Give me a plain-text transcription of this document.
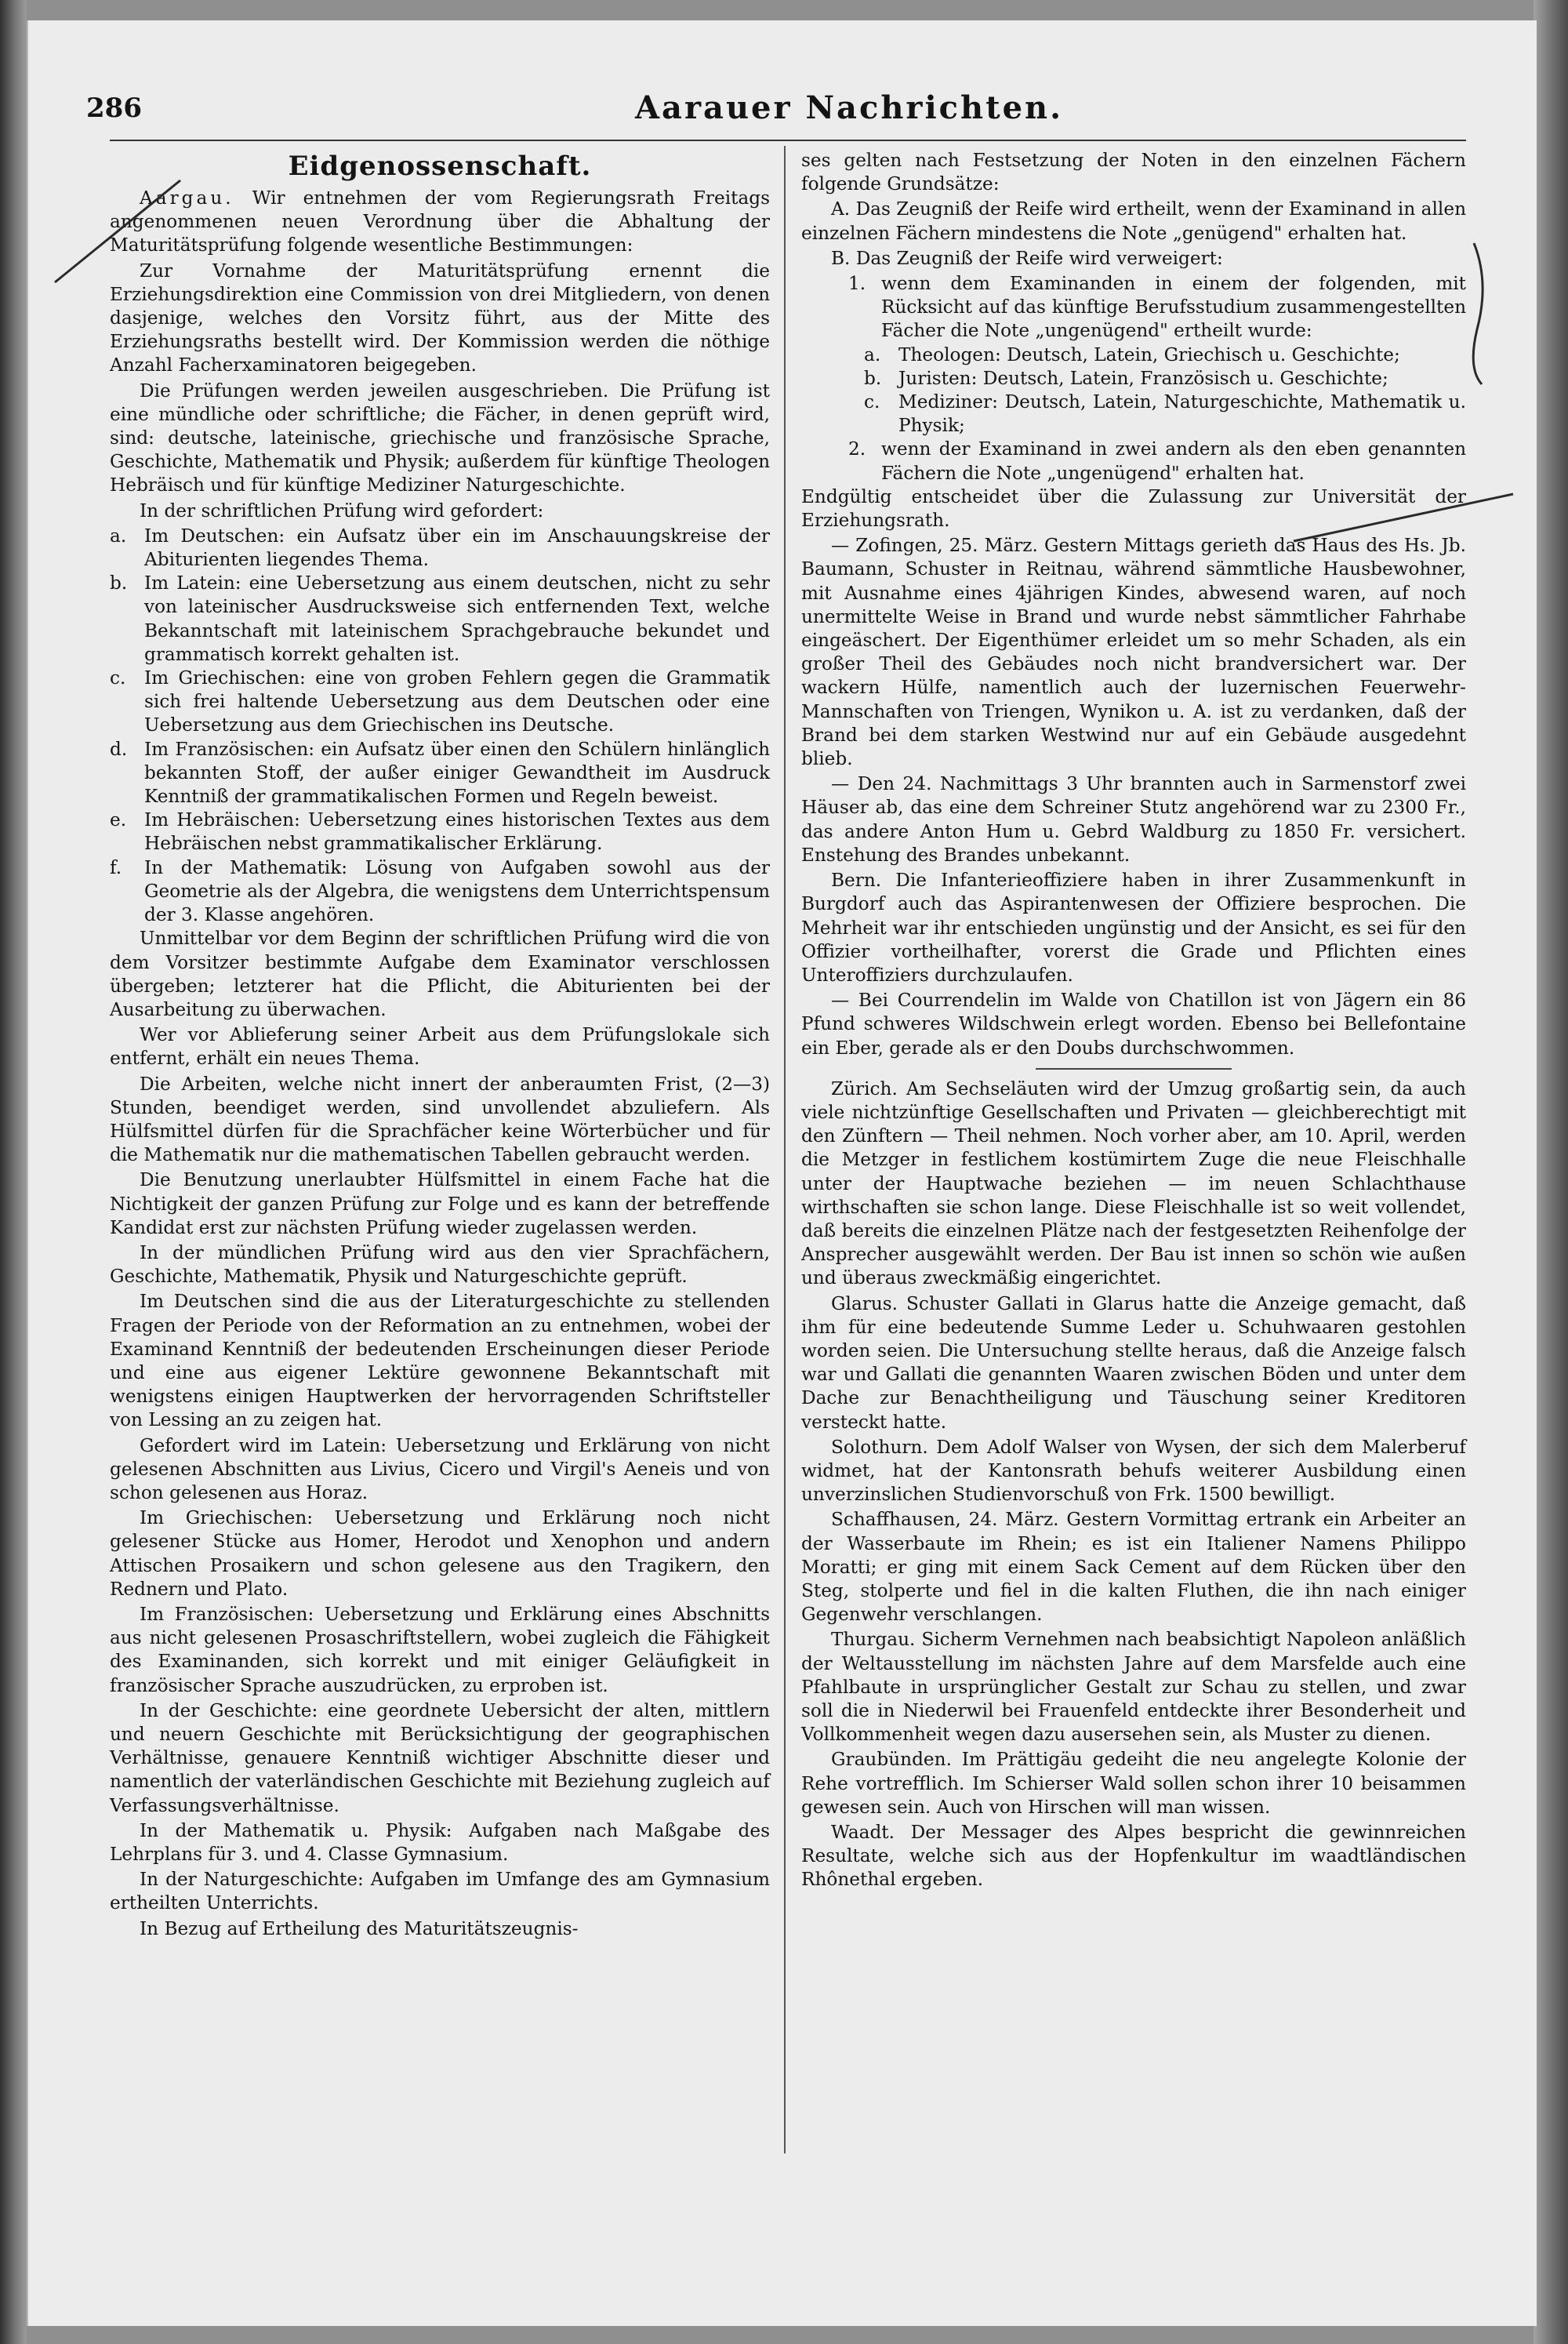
286	Aarauer Nachrichten.
Eidgenossenschaft.

Aargau. Wir entnehmen der vom Regierungsrath Freitags angenommenen neuen Verordnung über die Abhaltung der Maturitätsprüfung folgende wesentliche Bestimmungen:

Zur Vornahme der Maturitätsprüfung ernennt die Erziehungsdirektion eine Commission von drei Mitgliedern, von denen dasjenige, welches den Vorsitz führt, aus der Mitte des Erziehungsraths bestellt wird. Der Kommission werden die nöthige Anzahl Facherxaminatoren beigegeben.

Die Prüfungen werden jeweilen ausgeschrieben. Die Prüfung ist eine mündliche oder schriftliche; die Fächer, in denen geprüft wird, sind: deutsche, lateinische, griechische und französische Sprache, Geschichte, Mathematik und Physik; außerdem für künftige Theologen Hebräisch und für künftige Mediziner Naturgeschichte.

In der schriftlichen Prüfung wird gefordert:

a. Im Deutschen: ein Aufsatz über ein im Anschauungskreise der Abiturienten liegendes Thema.
b. Im Latein: eine Uebersetzung aus einem deutschen, nicht zu sehr von lateinischer Ausdrucksweise sich entfernenden Text, welche Bekanntschaft mit lateinischem Sprachgebrauche bekundet und grammatisch korrekt gehalten ist.
c.	Im Griechischen: eine von groben Fehlern gegen die Grammatik sich frei haltende Uebersetzung aus dem Deutschen oder eine Uebersetzung aus dem Griechischen ins Deutsche.
d. Im Französischen: ein Aufsatz über einen den Schülern hinlänglich bekannten Stoff, der außer einiger Gewandtheit im Ausdruck Kenntniß der grammatikalischen Formen und Regeln beweist.
e. Im Hebräischen: Uebersetzung eines historischen Textes aus dem Hebräischen nebst grammatikalischer Erklärung.
f.	In der Mathematik: Lösung von Aufgaben sowohl aus der Geometrie als der Algebra, die wenigstens dem Unterrichtspensum der 3. Klasse angehören.

Unmittelbar vor dem Beginn der schriftlichen Prüfung wird die von dem Vorsitzer bestimmte Aufgabe dem Examinator verschlossen übergeben; letzterer hat die Pflicht, die Abiturienten bei der Ausarbeitung zu überwachen.

Wer vor Ablieferung seiner Arbeit aus dem Prüfungslokale sich entfernt, erhält ein neues Thema.

Die Arbeiten, welche nicht innert der anberaumten Frist, (2—3) Stunden, beendiget werden, sind unvollendet abzuliefern. Als Hülfsmittel dürfen für die Sprachfächer keine Wörterbücher und für die Mathematik nur die mathematischen Tabellen gebraucht werden.

Die Benutzung unerlaubter Hülfsmittel in einem Fache hat die Nichtigkeit der ganzen Prüfung zur Folge und es kann der betreffende Kandidat erst zur nächsten Prüfung wieder zugelassen werden.

In der mündlichen Prüfung wird aus den vier Sprachfächern, Geschichte, Mathematik, Physik und Naturgeschichte geprüft.

Im Deutschen sind die aus der Literaturgeschichte zu stellenden Fragen der Periode von der Reformation an zu entnehmen, wobei der Examinand Kenntniß der bedeutenden Erscheinungen dieser Periode und eine aus eigener Lektüre gewonnene Bekanntschaft mit wenigstens einigen Hauptwerken der hervorragenden Schriftsteller von Lessing an zu zeigen hat.

Gefordert wird im Latein: Uebersetzung und Erklärung von nicht gelesenen Abschnitten aus Livius, Cicero und Virgil's Aeneis und von schon gelesenen aus Horaz.

Im Griechischen: Uebersetzung und Erklärung noch nicht gelesener Stücke aus Homer, Herodot und Xenophon und andern Attischen Prosaikern und schon gelesene aus den Tragikern, den Rednern und Plato.

Im Französischen: Uebersetzung und Erklärung eines Abschnitts aus nicht gelesenen Prosaschriftstellern, wobei zugleich die Fähigkeit des Examinanden, sich korrekt und mit einiger Geläufigkeit in französischer Sprache auszudrücken, zu erproben ist.

In der Geschichte: eine geordnete Uebersicht der alten, mittlern und neuern Geschichte mit Berücksichtigung der geographischen Verhältnisse, genauere Kenntniß wichtiger Abschnitte dieser und namentlich der vaterländischen Geschichte mit Beziehung zugleich auf Verfassungsverhältnisse.

In der Mathematik u. Physik: Aufgaben nach Maßgabe des Lehrplans für 3. und 4. Classe Gymnasium.

In der Naturgeschichte: Aufgaben im Umfange des am Gymnasium ertheilten Unterrichts.

In Bezug auf Ertheilung des Maturitätszeugnis-

ses gelten nach Festsetzung der Noten in den einzelnen Fächern folgende Grundsätze:

A. Das Zeugniß der Reife wird ertheilt, wenn der Examinand in allen einzelnen Fächern mindestens die Note „genügend" erhalten hat.

B. Das Zeugniß der Reife wird verweigert:

1. wenn dem Examinanden in einem der folgenden, mit Rücksicht auf das künftige Berufsstudium zusammengestellten Fächer die Note „ungenügend" ertheilt wurde:
a. Theologen: Deutsch, Latein, Griechisch u. Geschichte;
b. Juristen: Deutsch, Latein, Französisch u. Geschichte;
c.	Mediziner: Deutsch, Latein, Naturgeschichte, Mathematik u. Physik;
2. wenn der Examinand in zwei andern als den eben genannten Fächern die Note „ungenügend" erhalten hat.

Endgültig entscheidet über die Zulassung zur Universität der Erziehungsrath.

— Zofingen, 25. März. Gestern Mittags gerieth das Haus des Hs. Jb. Baumann, Schuster in Reitnau, während sämmtliche Hausbewohner, mit Ausnahme eines 4jährigen Kindes, abwesend waren, auf noch unermittelte Weise in Brand und wurde nebst sämmtlicher Fahrhabe eingeäschert. Der Eigenthümer erleidet um so mehr Schaden, als ein großer Theil des Gebäudes noch nicht brandversichert war. Der wackern Hülfe, namentlich auch der luzernischen Feuerwehr-Mannschaften von Triengen, Wynikon u. A. ist zu verdanken, daß der Brand bei dem starken Westwind nur auf ein Gebäude ausgedehnt blieb.

— Den 24. Nachmittags 3 Uhr brannten auch in Sarmenstorf zwei Häuser ab, das eine dem Schreiner Stutz angehörend war zu 2300 Fr., das andere Anton Hum u. Gebrd Waldburg zu 1850 Fr. versichert. Enstehung des Brandes unbekannt.

Bern. Die Infanterieoffiziere haben in ihrer Zusammenkunft in Burgdorf auch das Aspirantenwesen der Offiziere besprochen. Die Mehrheit war ihr entschieden ungünstig und der Ansicht, es sei für den Offizier vortheilhafter, vorerst die Grade und Pflichten eines Unteroffiziers durchzulaufen.

— Bei Courrendelin im Walde von Chatillon ist von Jägern ein 86 Pfund schweres Wildschwein erlegt worden. Ebenso bei Bellefontaine ein Eber, gerade als er den Doubs durchschwommen.

Zürich. Am Sechseläuten wird der Umzug großartig sein, da auch viele nichtzünftige Gesellschaften und Privaten — gleichberechtigt mit den Zünftern — Theil nehmen. Noch vorher aber, am 10. April, werden die Metzger in festlichem kostümirtem Zuge die neue Fleischhalle unter der Hauptwache beziehen — im neuen Schlachthause wirthschaften sie schon lange. Diese Fleischhalle ist so weit vollendet, daß bereits die einzelnen Plätze nach der festgesetzten Reihenfolge der Ansprecher ausgewählt werden. Der Bau ist innen so schön wie außen und überaus zweckmäßig eingerichtet.

Glarus. Schuster Gallati in Glarus hatte die Anzeige gemacht, daß ihm für eine bedeutende Summe Leder u. Schuhwaaren gestohlen worden seien. Die Untersuchung stellte heraus, daß die Anzeige falsch war und Gallati die genannten Waaren zwischen Böden und unter dem Dache zur Benachtheiligung und Täuschung seiner Kreditoren versteckt hatte.

Solothurn. Dem Adolf Walser von Wysen, der sich dem Malerberuf widmet, hat der Kantonsrath behufs weiterer Ausbildung einen unverzinslichen Studienvorschuß von Frk. 1500 bewilligt.

Schaffhausen, 24. März. Gestern Vormittag ertrank ein Arbeiter an der Wasserbaute im Rhein; es ist ein Italiener Namens Philippo Moratti; er ging mit einem Sack Cement auf dem Rücken über den Steg, stolperte und fiel in die kalten Fluthen, die ihn nach einiger Gegenwehr verschlangen.

Thurgau. Sicherm Vernehmen nach beabsichtigt Napoleon anläßlich der Weltausstellung im nächsten Jahre auf dem Marsfelde auch eine Pfahlbaute in ursprünglicher Gestalt zur Schau zu stellen, und zwar soll die in Niederwil bei Frauenfeld entdeckte ihrer Besonderheit und Vollkommenheit wegen dazu ausersehen sein, als Muster zu dienen.

Graubünden. Im Prättigäu gedeiht die neu angelegte Kolonie der Rehe vortrefflich. Im Schierser Wald sollen schon ihrer 10 beisammen gewesen sein. Auch von Hirschen will man wissen.

Waadt. Der Messager des Alpes bespricht die gewinnreichen Resultate, welche sich aus der Hopfenkultur im waadtländischen Rhônethal ergeben.
